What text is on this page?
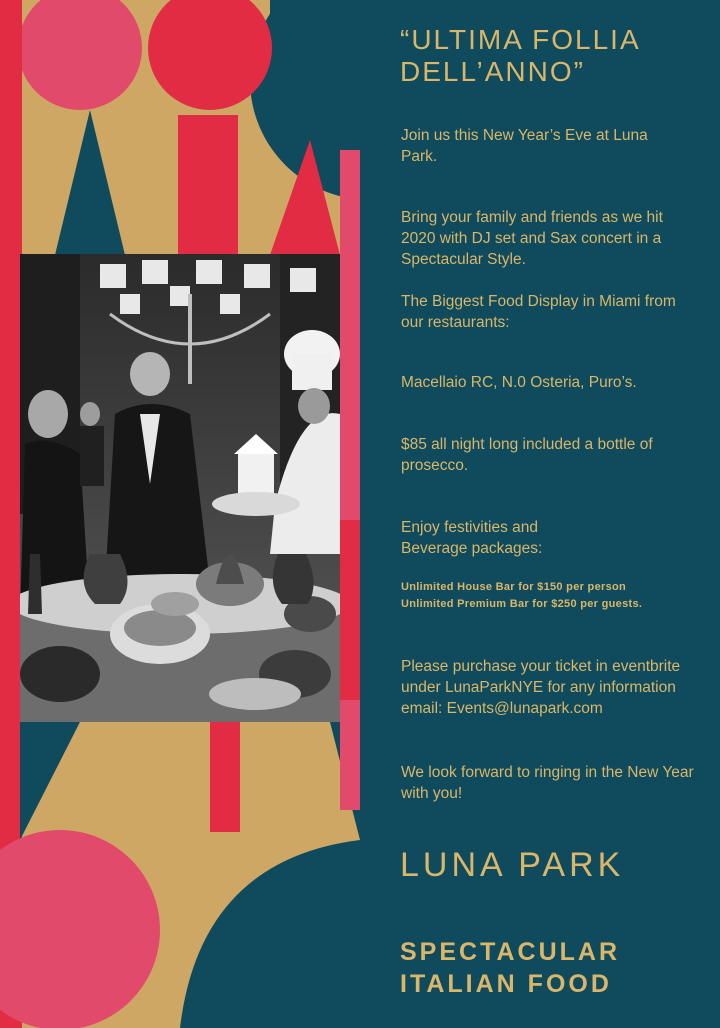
“ULTIMA FOLLIA DELL’ANNO”
Join us this New Year’s Eve at Luna Park.
Bring your family and friends as we hit 2020 with DJ set and Sax concert in a Spectacular Style.
The Biggest Food Display in Miami from our restaurants:
Macellaio RC, N.0 Osteria, Puro’s.
$85 all night long included a bottle of prosecco.
Enjoy festivities and Beverage packages:
Unlimited House Bar for $150 per person
Unlimited Premium Bar for $250 per guests.
Please purchase your ticket in eventbrite under LunaParkNYE for any information email: Events@lunapark.com
We look forward to ringing in the New Year with you!
LUNA PARK
SPECTACULAR ITALIAN FOOD
